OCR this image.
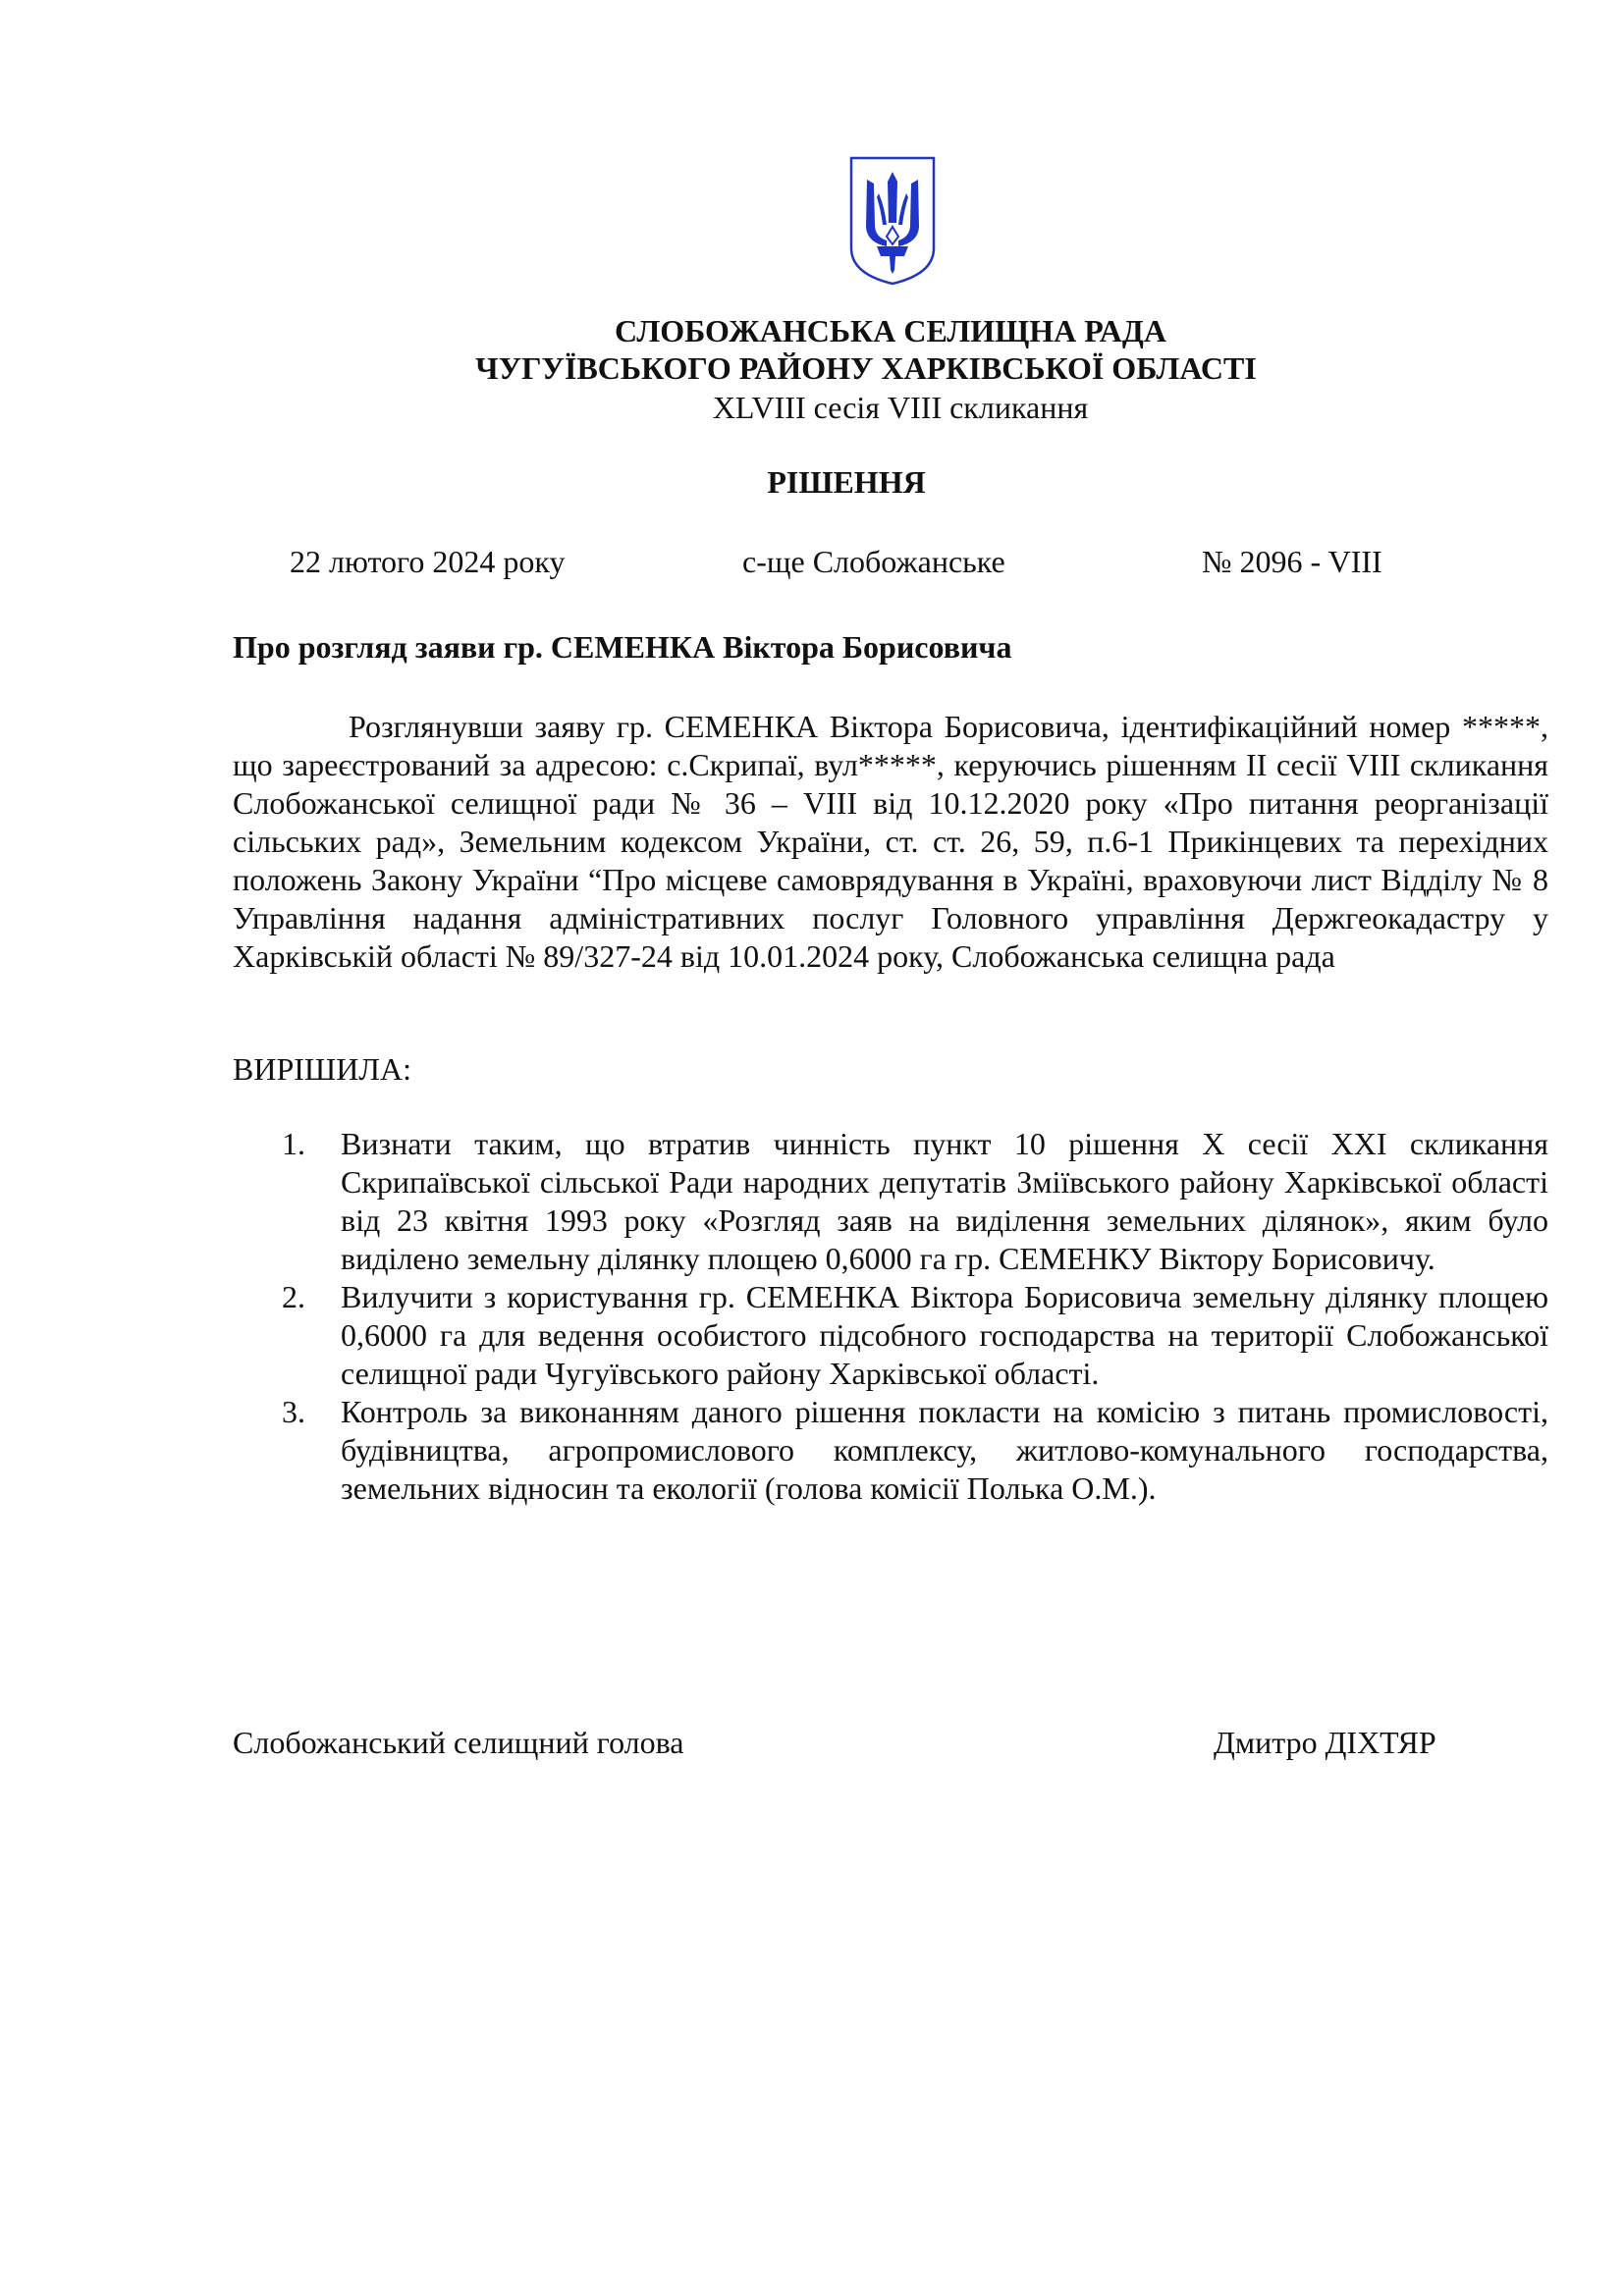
СЛОБОЖАНСЬКА СЕЛИЩНА РАДА
ЧУГУЇВСЬКОГО РАЙОНУ ХАРКІВСЬКОЇ ОБЛАСТІ
XLVIII сесія VIII скликання
РІШЕННЯ
22 лютого 2024 року	с-ще Слобожанське	№ 2096 - VIII
Про розгляд заяви гр. СЕМЕНКА Віктора Борисовича

Розглянувши заяву гр. СЕМЕНКА Віктора Борисовича, ідентифікаційний номер *****, що зареєстрований за адресою: с.Скрипаї, вул*****, керуючись рішенням II сесії VIII скликання Слобожанської селищної ради № 36 – VIII від 10.12.2020 року «Про питання реорганізації сільських рад», Земельним кодексом України, ст. ст. 26, 59, п.6-1 Прикінцевих та перехідних положень Закону України “Про місцеве самоврядування в Україні, враховуючи лист Відділу № 8 Управління надання адміністративних послуг Головного управління Держгеокадастру у Харківській області № 89/327-24 від 10.01.2024 року, Слобожанська селищна рада

ВИРІШИЛА:
1. Визнати таким, що втратив чинність пункт 10 рішення X сесії XXI скликання Скрипаївської сільської Ради народних депутатів Зміївського району Харківської області від 23 квітня 1993 року «Розгляд заяв на виділення земельних ділянок», яким було виділено земельну ділянку площею 0,6000 га гр. СЕМЕНКУ Віктору Борисовичу.
2. Вилучити з користування гр. СЕМЕНКА Віктора Борисовича земельну ділянку площею 0,6000 га для ведення особистого підсобного господарства на території Слобожанської селищної ради Чугуївського району Харківської області.
3. Контроль за виконанням даного рішення покласти на комісію з питань промисловості, будівництва, агропромислового комплексу, житлово-комунального господарства, земельних відносин та екології (голова комісії Полька О.М.).
Слобожанський селищний голова	Дмитро ДІХТЯР
